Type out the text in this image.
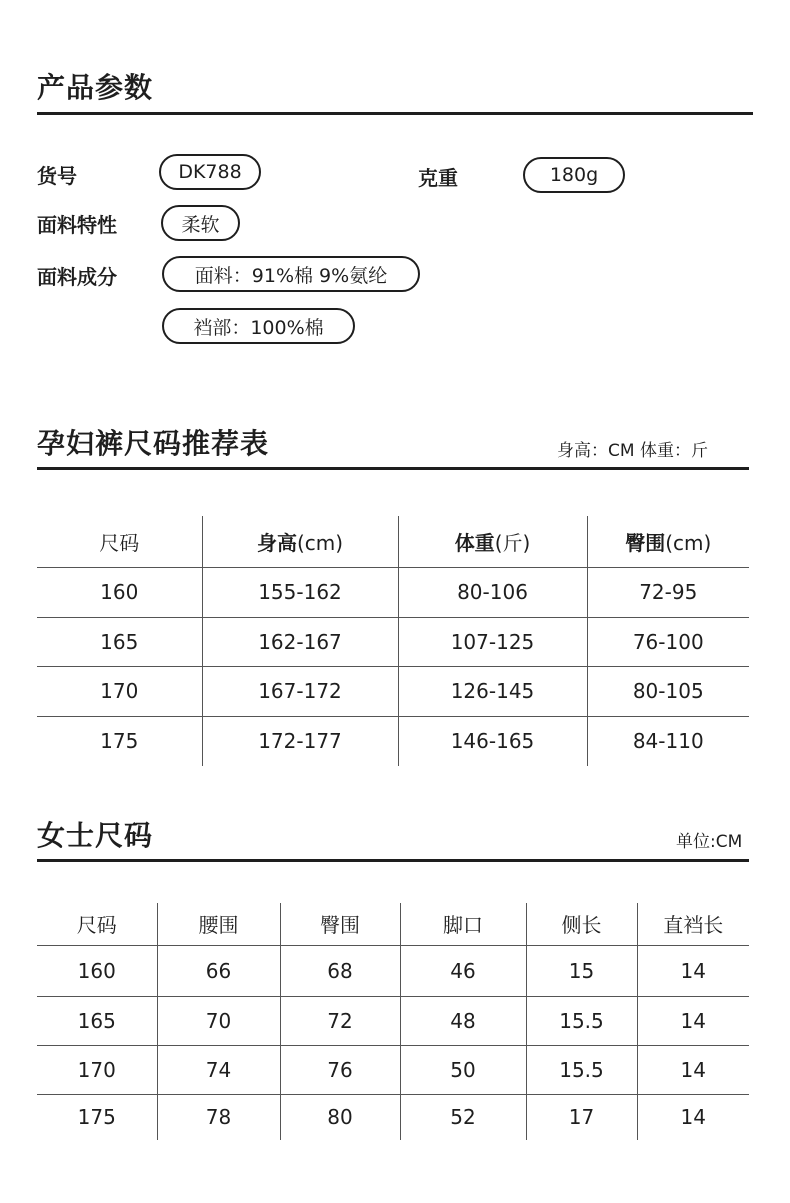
产品参数
货号	DK788	克重	180g
面料特性	柔软
面料成分	面料：91%棉 9%氨纶
裆部：100%棉
孕妇裤尺码推荐表	身高：CM 体重：斤
尺码	身高(cm)	体重(斤)	臀围(cm)
160	155-162	80-106	72-95
165	162-167	107-125	76-100
170	167-172	126-145	80-105
175	172-177	146-165	84-110
女士尺码	单位:CM
尺码	腰围	臀围	脚口	侧长	直裆长
160	66	68	46	15	14
165	70	72	48	15.5	14
170	74	76	50	15.5	14
175	78	80	52	17	14
